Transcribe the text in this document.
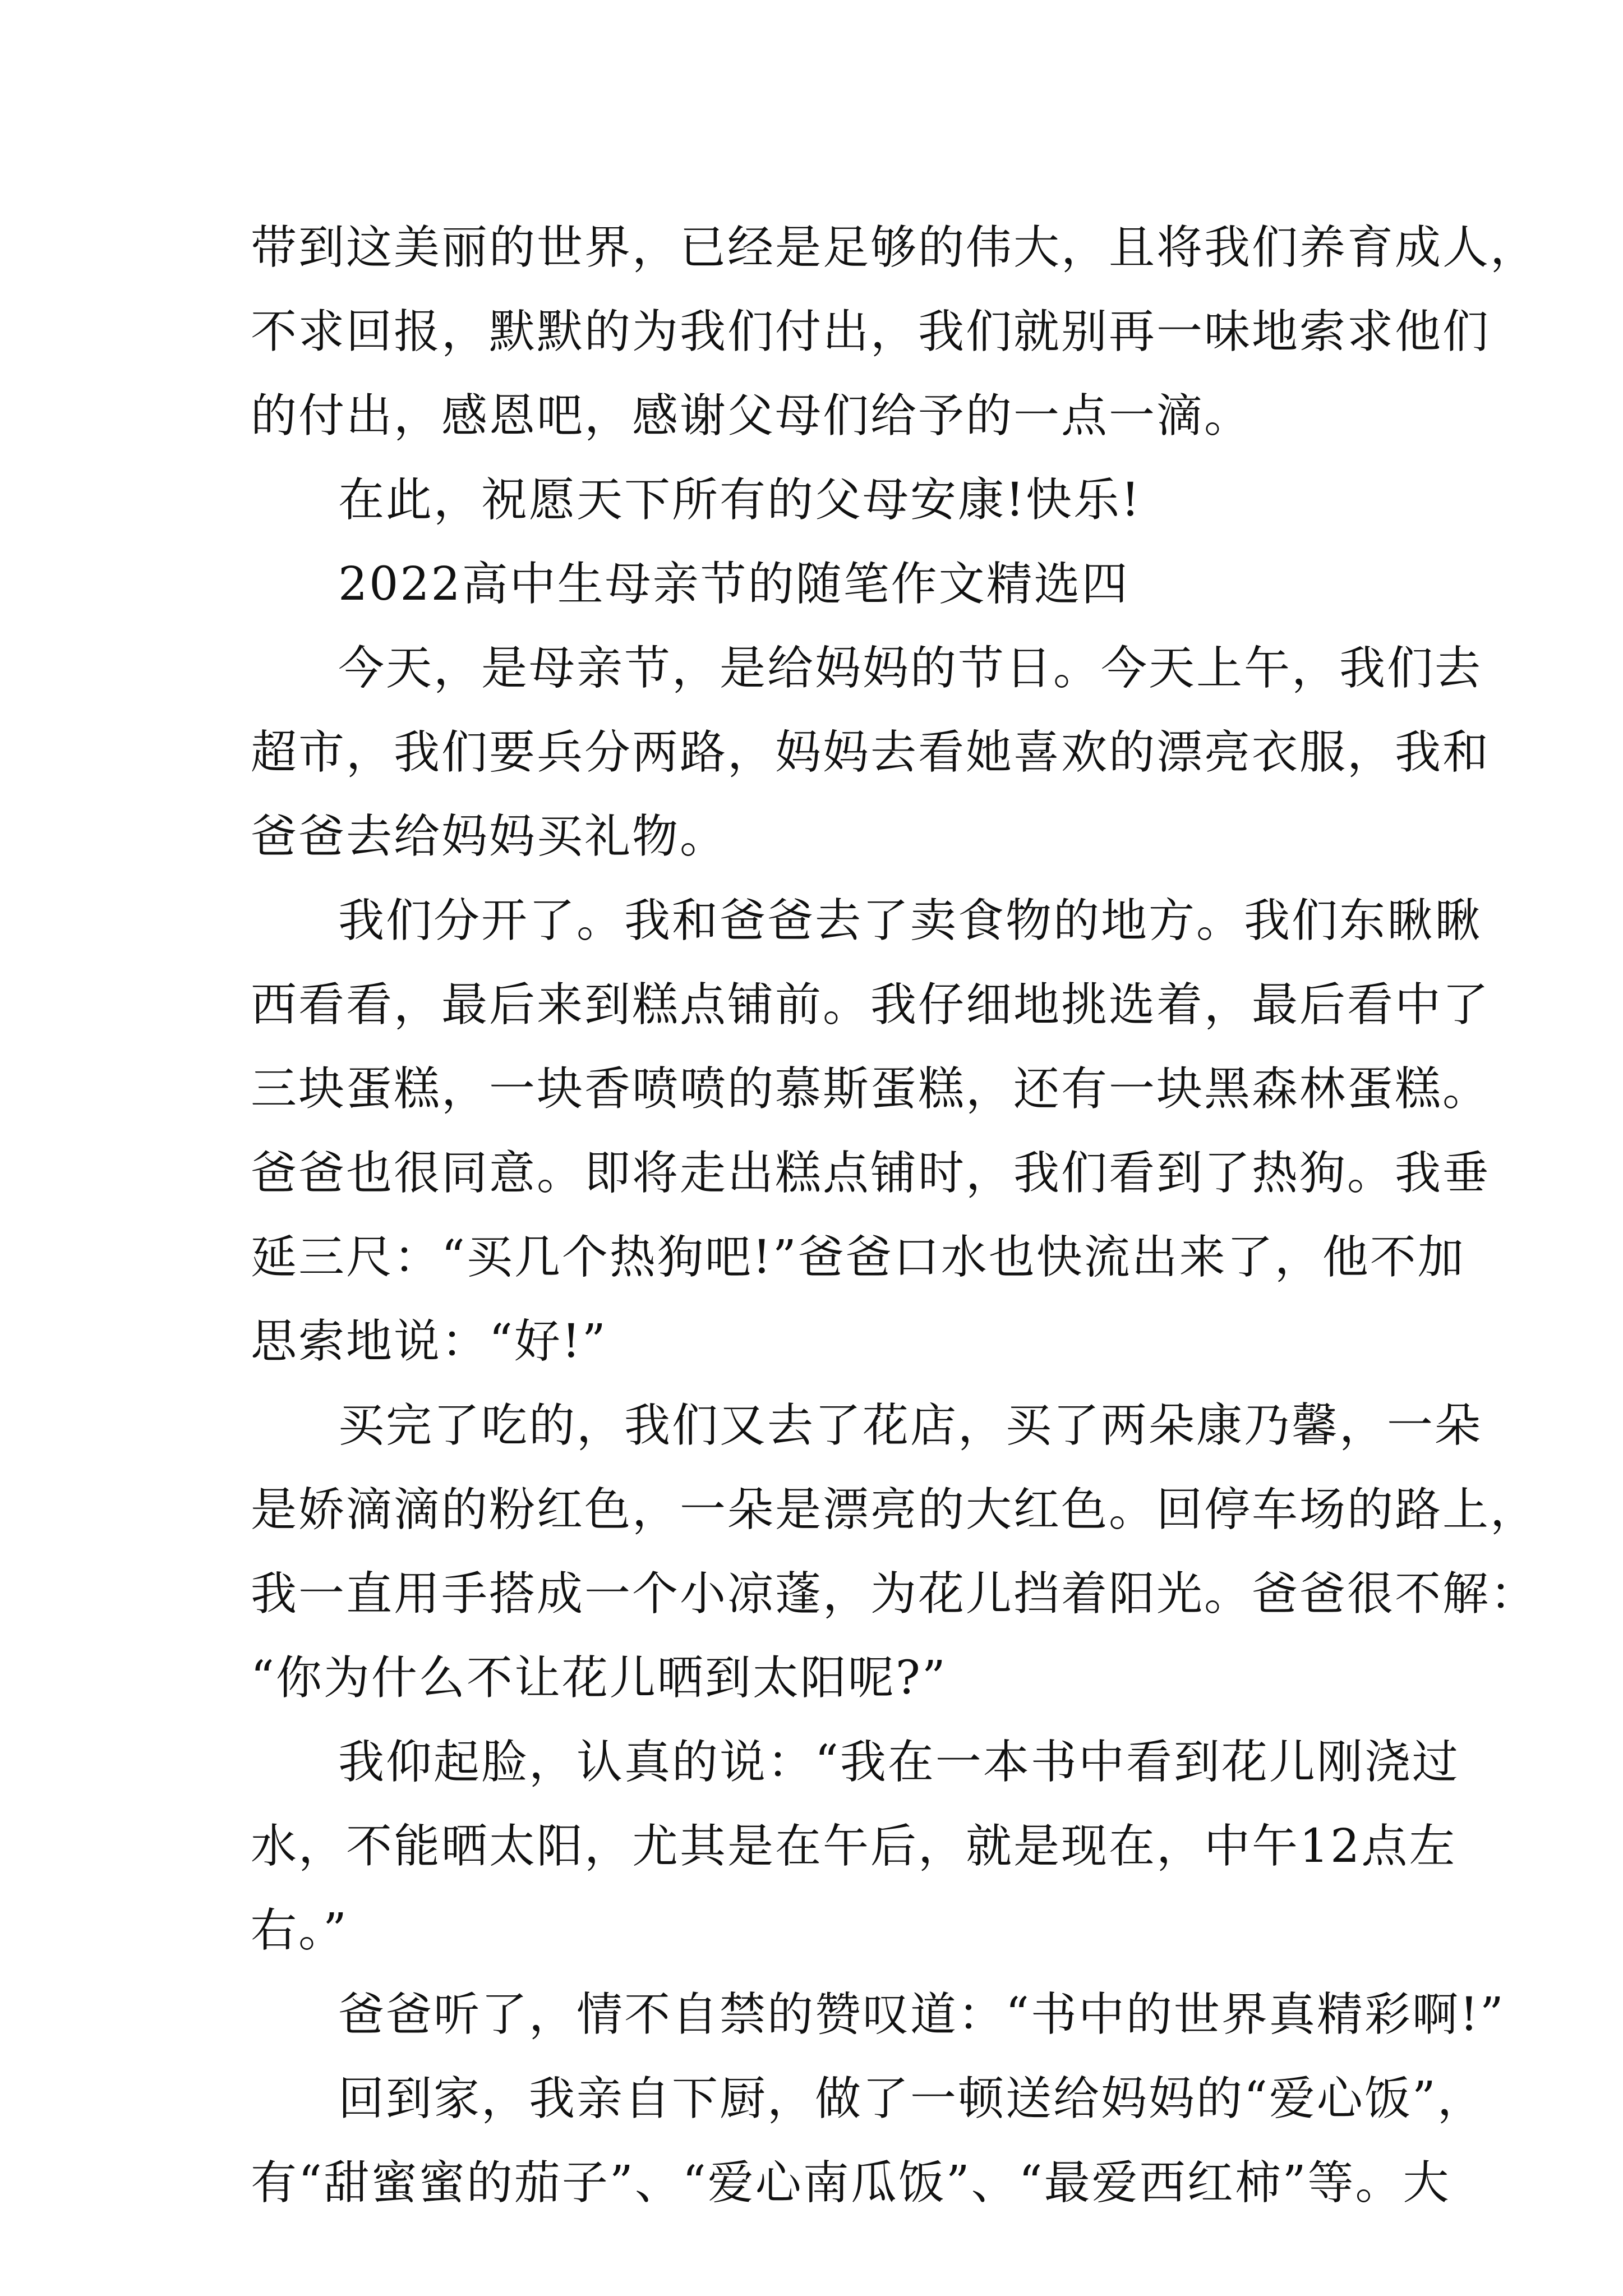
带到这美丽的世界，已经是足够的伟大，且将我们养育成人，
不求回报，默默的为我们付出，我们就别再一味地索求他们
的付出，感恩吧，感谢父母们给予的一点一滴。
在此，祝愿天下所有的父母安康!快乐!
2022高中生母亲节的随笔作文精选四
今天，是母亲节，是给妈妈的节日。今天上午，我们去
超市，我们要兵分两路，妈妈去看她喜欢的漂亮衣服，我和
爸爸去给妈妈买礼物。
我们分开了。我和爸爸去了卖食物的地方。我们东瞅瞅
西看看，最后来到糕点铺前。我仔细地挑选着，最后看中了
三块蛋糕，一块香喷喷的慕斯蛋糕，还有一块黑森林蛋糕。
爸爸也很同意。即将走出糕点铺时，我们看到了热狗。我垂
延三尺：“买几个热狗吧!”爸爸口水也快流出来了，他不加
思索地说：“好!”
买完了吃的，我们又去了花店，买了两朵康乃馨，一朵
是娇滴滴的粉红色，一朵是漂亮的大红色。回停车场的路上，
我一直用手搭成一个小凉蓬，为花儿挡着阳光。爸爸很不解：
“你为什么不让花儿晒到太阳呢?”
我仰起脸，认真的说：“我在一本书中看到花儿刚浇过
水，不能晒太阳，尤其是在午后，就是现在，中午12点左
右。”
爸爸听了，情不自禁的赞叹道：“书中的世界真精彩啊!”
回到家，我亲自下厨，做了一顿送给妈妈的“爱心饭”，
有“甜蜜蜜的茄子”、“爱心南瓜饭”、“最爱西红柿”等。大
